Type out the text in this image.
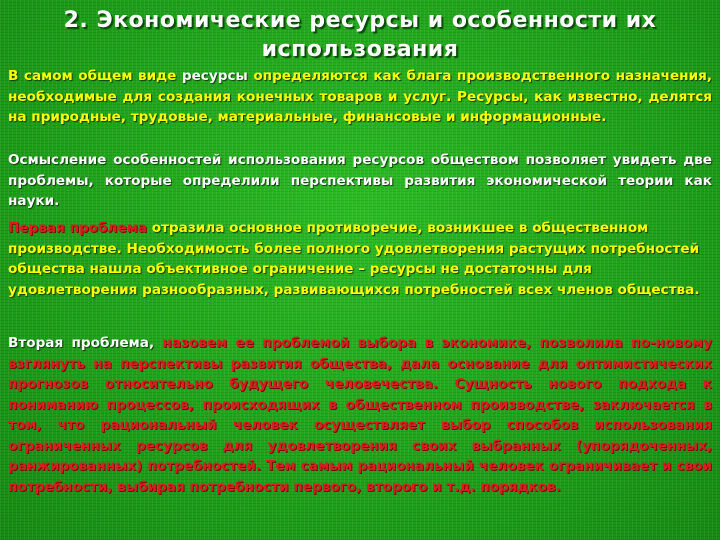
2. Экономические ресурсы и особенности их использования
В самом общем виде ресурсы определяются как блага производственного назначения, необходимые для создания конечных товаров и услуг. Ресурсы, как известно, делятся на природные, трудовые, материальные, финансовые и информационные.
Осмысление особенностей использования ресурсов обществом позволяет увидеть две проблемы, которые определили перспективы развития экономической теории как науки.
Первая проблема отразила основное противоречие, возникшее в общественном производстве. Необходимость более полного удовлетворения растущих потребностей общества нашла объективное ограничение – ресурсы не достаточны для удовлетворения разнообразных, развивающихся потребностей всех членов общества.
Вторая проблема, назовем ее проблемой выбора в экономике, позволила по-новому взглянуть на перспективы развития общества, дала основание для оптимистических прогнозов относительно будущего человечества. Сущность нового подхода к пониманию процессов, происходящих в общественном производстве, заключается в том, что рациональный человек осуществляет выбор способов использования ограниченных ресурсов для удовлетворения своих выбранных (упорядоченных, ранжированных) потребностей. Тем самым рациональный человек ограничивает и свои потребности, выбирая потребности первого, второго и т.д. порядков.
